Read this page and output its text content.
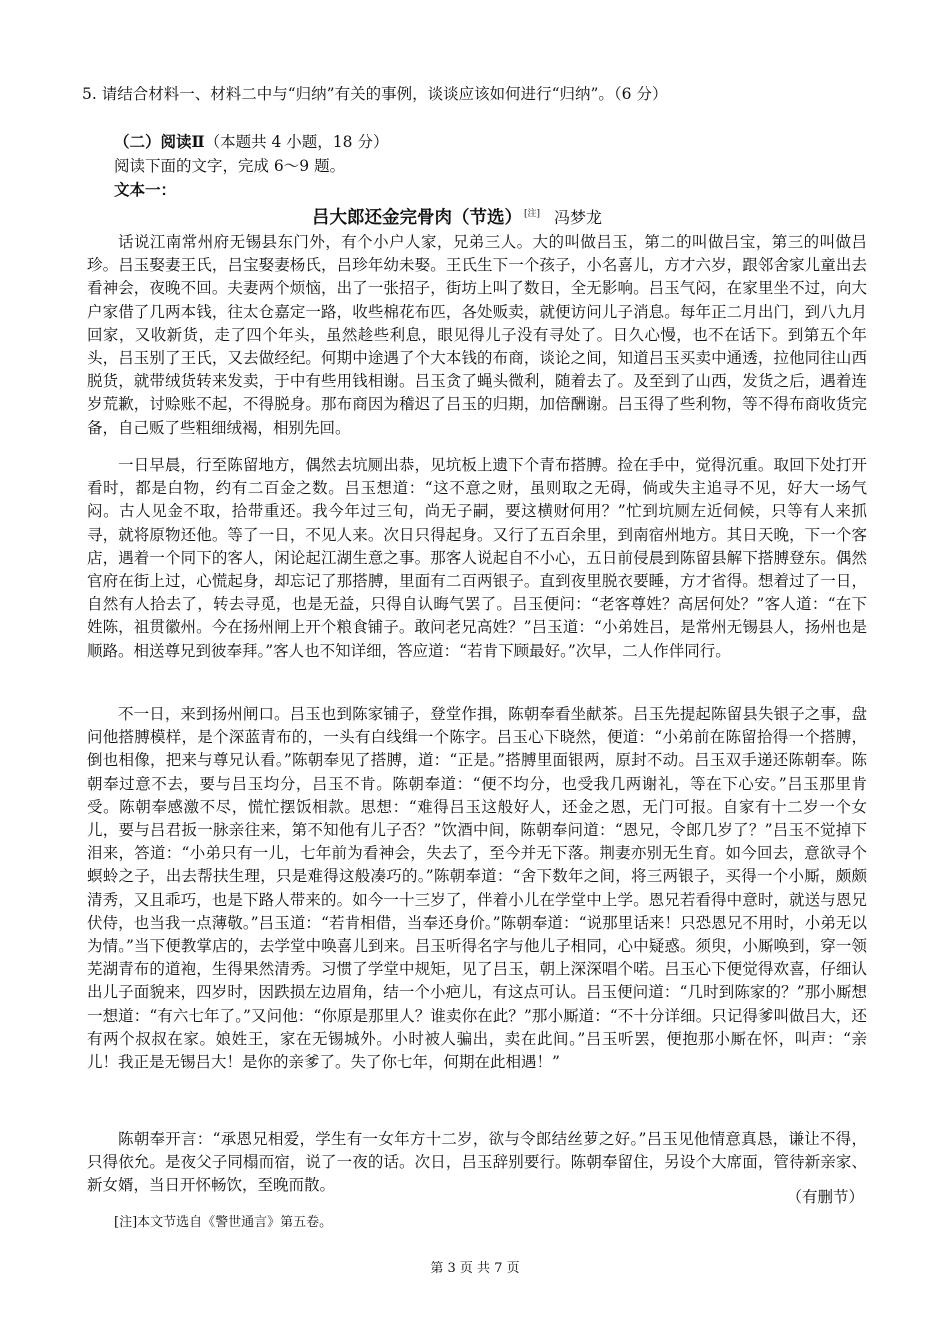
5. 请结合材料一、材料二中与“归纳”有关的事例，谈谈应该如何进行“归纳”。（6 分）
（二）阅读Ⅱ（本题共 4 小题，18 分）
阅读下面的文字，完成 6～9 题。
文本一：
吕大郎还金完骨肉（节选） [注] 冯梦龙

话说江南常州府无锡县东门外，有个小户人家，兄弟三人。大的叫做吕玉，第二的叫做吕宝，第三的叫做吕珍。吕玉娶妻王氏，吕宝娶妻杨氏，吕珍年幼未娶。王氏生下一个孩子，小名喜儿，方才六岁，跟邻舍家儿童出去看神会，夜晚不回。夫妻两个烦恼，出了一张招子，街坊上叫了数日，全无影响。吕玉气闷，在家里坐不过，向大户家借了几两本钱，往太仓嘉定一路，收些棉花布匹，各处贩卖，就便访问儿子消息。每年正二月出门，到八九月回家，又收新货，走了四个年头，虽然趁些利息，眼见得儿子没有寻处了。日久心慢，也不在话下。到第五个年头，吕玉别了王氏，又去做经纪。何期中途遇了个大本钱的布商，谈论之间，知道吕玉买卖中通透，拉他同往山西脱货，就带绒货转来发卖，于中有些用钱相谢。吕玉贪了蝇头微利，随着去了。及至到了山西，发货之后，遇着连岁荒歉，讨赊账不起，不得脱身。那布商因为稽迟了吕玉的归期，加倍酬谢。吕玉得了些利物，等不得布商收货完备，自己贩了些粗细绒褐，相别先回。

一日早晨，行至陈留地方，偶然去坑厕出恭，见坑板上遗下个青布搭膊。捡在手中，觉得沉重。取回下处打开看时，都是白物，约有二百金之数。吕玉想道：“这不意之财，虽则取之无碍，倘或失主追寻不见，好大一场气闷。古人见金不取，拾带重还。我今年过三旬，尚无子嗣，要这横财何用？”忙到坑厕左近伺候，只等有人来抓寻，就将原物还他。等了一日，不见人来。次日只得起身。又行了五百余里，到南宿州地方。其日天晚，下一个客店，遇着一个同下的客人，闲论起江湖生意之事。那客人说起自不小心，五日前侵晨到陈留县解下搭膊登东。偶然官府在街上过，心慌起身，却忘记了那搭膊，里面有二百两银子。直到夜里脱衣要睡，方才省得。想着过了一日，自然有人拾去了，转去寻觅，也是无益，只得自认晦气罢了。吕玉便问：“老客尊姓？高居何处？”客人道：“在下姓陈，祖贯徽州。今在扬州闸上开个粮食铺子。敢问老兄高姓？”吕玉道：“小弟姓吕，是常州无锡县人，扬州也是顺路。相送尊兄到彼奉拜。”客人也不知详细，答应道：“若肯下顾最好。”次早，二人作伴同行。

不一日，来到扬州闸口。吕玉也到陈家铺子，登堂作揖，陈朝奉看坐献茶。吕玉先提起陈留县失银子之事，盘问他搭膊模样，是个深蓝青布的，一头有白线缉一个陈字。吕玉心下晓然，便道：“小弟前在陈留拾得一个搭膊，倒也相像，把来与尊兄认看。”陈朝奉见了搭膊，道：“正是。”搭膊里面银两，原封不动。吕玉双手递还陈朝奉。陈朝奉过意不去，要与吕玉均分，吕玉不肯。陈朝奉道：“便不均分，也受我几两谢礼，等在下心安。”吕玉那里肯受。陈朝奉感激不尽，慌忙摆饭相款。思想：“难得吕玉这般好人，还金之恩，无门可报。自家有十二岁一个女儿，要与吕君扳一脉亲往来，第不知他有儿子否？”饮酒中间，陈朝奉问道：“恩兄，令郎几岁了？”吕玉不觉掉下泪来，答道：“小弟只有一儿，七年前为看神会，失去了，至今并无下落。荆妻亦别无生育。如今回去，意欲寻个螟蛉之子，出去帮扶生理，只是难得这般凑巧的。”陈朝奉道：“舍下数年之间，将三两银子，买得一个小厮，颇颇清秀，又且乖巧，也是下路人带来的。如今一十三岁了，伴着小儿在学堂中上学。恩兄若看得中意时，就送与恩兄伏侍，也当我一点薄敬。”吕玉道：“若肯相借，当奉还身价。”陈朝奉道：“说那里话来！只恐恩兄不用时，小弟无以为情。”当下便教掌店的，去学堂中唤喜儿到来。吕玉听得名字与他儿子相同，心中疑惑。须臾，小厮唤到，穿一领芜湖青布的道袍，生得果然清秀。习惯了学堂中规矩，见了吕玉，朝上深深唱个喏。吕玉心下便觉得欢喜，仔细认出儿子面貌来，四岁时，因跌损左边眉角，结一个小疤儿，有这点可认。吕玉便问道：“几时到陈家的？”那小厮想一想道：“有六七年了。”又问他：“你原是那里人？谁卖你在此？”那小厮道：“不十分详细。只记得爹叫做吕大，还有两个叔叔在家。娘姓王，家在无锡城外。小时被人骗出，卖在此间。”吕玉听罢，便抱那小厮在怀，叫声：“亲儿！我正是无锡吕大！是你的亲爹了。失了你七年，何期在此相遇！”

陈朝奉开言：“承恩兄相爱，学生有一女年方十二岁，欲与令郎结丝萝之好。”吕玉见他情意真恳，谦让不得，只得依允。是夜父子同榻而宿，说了一夜的话。次日，吕玉辞别要行。陈朝奉留住，另设个大席面，管待新亲家、新女婿，当日开怀畅饮，至晚而散。

（有删节）
[注]本文节选自《警世通言》第五卷。
第 3 页 共 7 页
